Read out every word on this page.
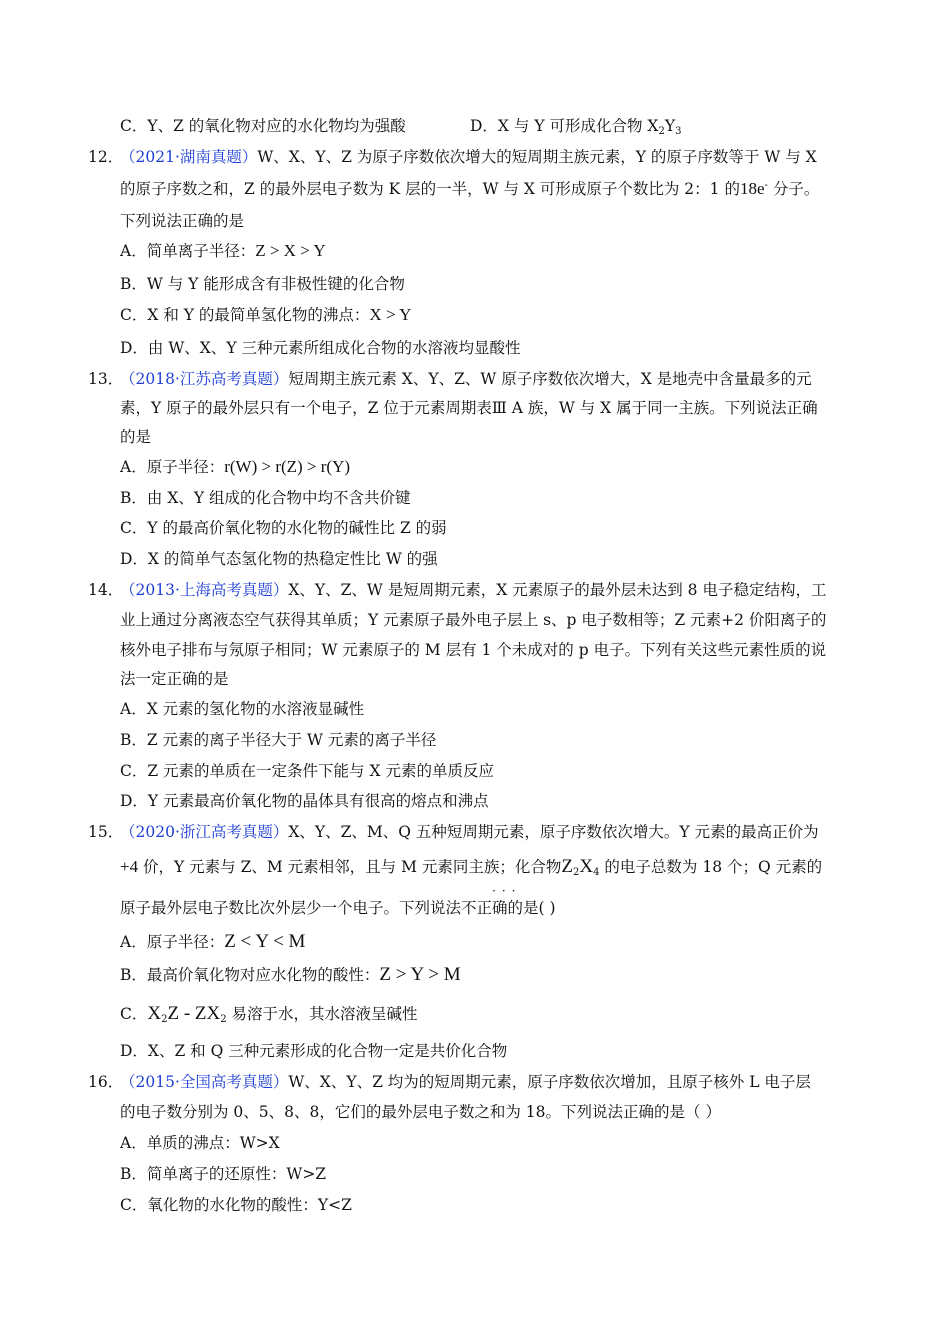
C．Y、Z 的氧化物对应的水化物均为强酸	D．X 与 Y 可形成化合物 $X_2Y_3$
12．
（2021·湖南真题）W、X、Y、Z 为原子序数依次增大的短周期主族元素，Y 的原子序数等于 W 与 X
的原子序数之和，Z 的最外层电子数为 K 层的一半，W 与 X 可形成原子个数比为 2：1 的18e- 分子。
下列说法正确的是
A．简单离子半径：Z > X > Y
B．W 与 Y 能形成含有非极性键的化合物
C．X 和 Y 的最简单氢化物的沸点：X > Y
D．由 W、X、Y 三种元素所组成化合物的水溶液均显酸性
13．
（2018·江苏高考真题）短周期主族元素 X、Y、Z、W 原子序数依次增大，X 是地壳中含量最多的元
素，Y 原子的最外层只有一个电子，Z 位于元素周期表Ⅲ A 族，W 与 X 属于同一主族。下列说法正确
的是
A．原子半径：r(W) > r(Z) > r(Y)
B．由 X、Y 组成的化合物中均不含共价键
C．Y 的最高价氧化物的水化物的碱性比 Z 的弱
D．X 的简单气态氢化物的热稳定性比 W 的强
14．
（2013·上海高考真题）X、Y、Z、W 是短周期元素，X 元素原子的最外层未达到 8 电子稳定结构，工
业上通过分离液态空气获得其单质；Y 元素原子最外电子层上 s、p 电子数相等；Z 元素+2 价阳离子的
核外电子排布与氖原子相同；W 元素原子的 M 层有 1 个未成对的 p 电子。下列有关这些元素性质的说
法一定正确的是
A．X 元素的氢化物的水溶液显碱性
B．Z 元素的离子半径大于 W 元素的离子半径
C．Z 元素的单质在一定条件下能与 X 元素的单质反应
D．Y 元素最高价氧化物的晶体具有很高的熔点和沸点
15．
（2020·浙江高考真题）X、Y、Z、M、Q 五种短周期元素，原子序数依次增大。Y 元素的最高正价为
+4 价，Y 元素与 Z、M 元素相邻，且与 M 元素同主族；化合物$Z_2X_4$ 的电子总数为 18 个；Q 元素的
···
原子最外层电子数比次外层少一个电子。下列说法不正确的是( )
A．原子半径：Z < Y < M
B．最高价氧化物对应水化物的酸性：Z > Y > M
C．$X_2Z - ZX_2$ 易溶于水，其水溶液呈碱性
D．X、Z 和 Q 三种元素形成的化合物一定是共价化合物
16．
（2015·全国高考真题）W、X、Y、Z 均为的短周期元素，原子序数依次增加，且原子核外 L 电子层
的电子数分别为 0、5、8、8，它们的最外层电子数之和为 18。下列说法正确的是（ ）
A．单质的沸点：W>X
B．简单离子的还原性：W>Z
C．氧化物的水化物的酸性：Y<Z
